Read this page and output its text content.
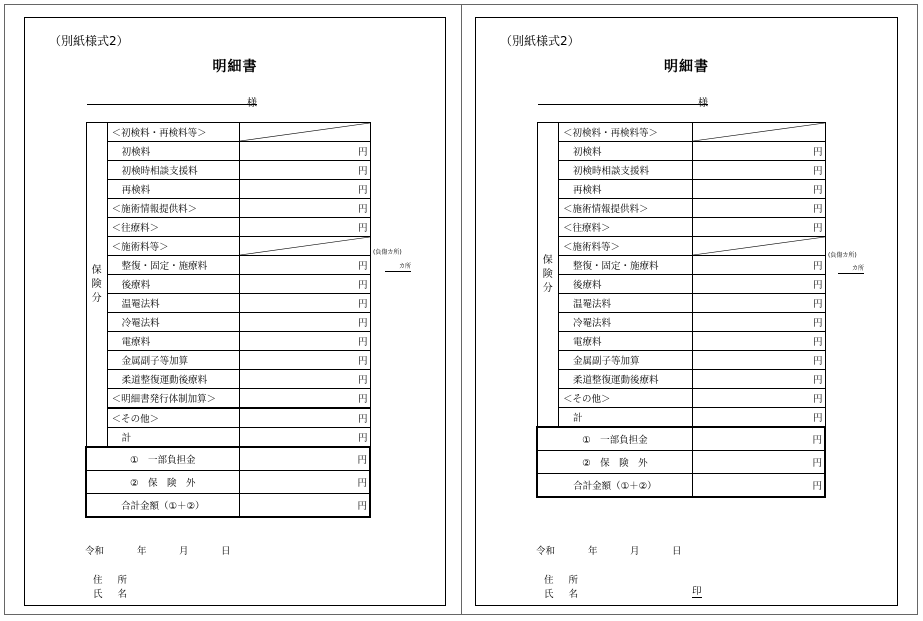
（別紙様式2）
明細書
様
保
険
分	＜初検料・再検料等＞	

	初検料	円
	初検時相談支援料	円
	再検料	円
	＜施術情報提供料＞	円
	＜往療料＞	円
	＜施術料等＞	

	整復・固定・施療料	円
	後療料	円
	温罨法料	円
	冷罨法料	円
	電療料	円
	金属副子等加算	円
	柔道整復運動後療料	円
	＜明細書発行体制加算＞	円
	＜その他＞	円
	計	円
①　一部負担金		円
②　保　険　外		円
合計金額（①＋②）		円
(負傷カ所)
カ所
令和	年	月	日
住 所
氏 名
（別紙様式2）
明細書
様
保
険
分	＜初検料・再検料等＞	

	初検料	円
	初検時相談支援料	円
	再検料	円
	＜施術情報提供料＞	円
	＜往療料＞	円
	＜施術料等＞	

	整復・固定・施療料	円
	後療料	円
	温罨法料	円
	冷罨法料	円
	電療料	円
	金属副子等加算	円
	柔道整復運動後療料	円
	＜その他＞	円
	計	円
①　一部負担金		円
②　保　険　外		円
合計金額（①＋②）		円
(負傷カ所)
カ所
令和	年	月	日
住 所
氏 名	印
